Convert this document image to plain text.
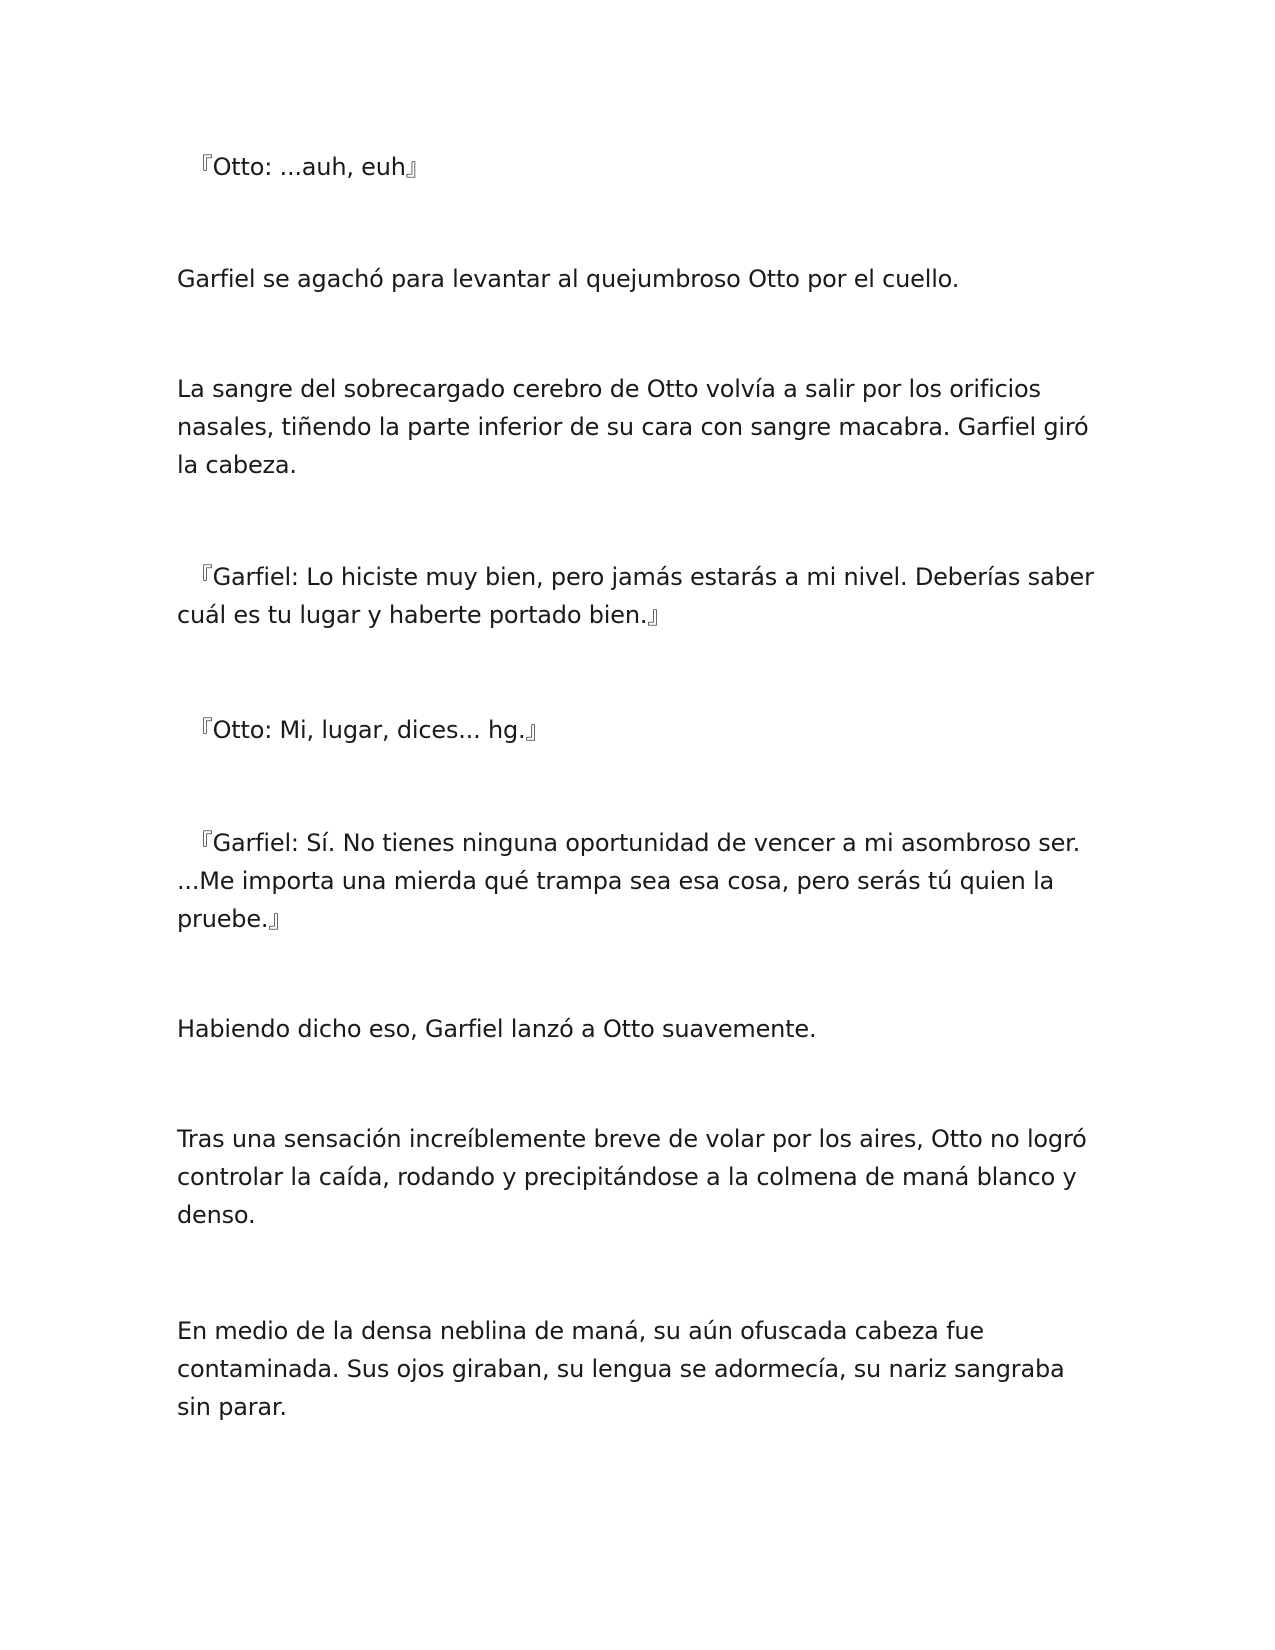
　『Otto: ...auh, euh』

Garfiel se agachó para levantar al quejumbroso Otto por el cuello.

La sangre del sobrecargado cerebro de Otto volvía a salir por los orificios nasales, tiñendo la parte inferior de su cara con sangre macabra. Garfiel giró la cabeza.

　『Garfiel: Lo hiciste muy bien, pero jamás estarás a mi nivel. Deberías saber cuál es tu lugar y haberte portado bien.』

　『Otto: Mi, lugar, dices... hg.』

　『Garfiel: Sí. No tienes ninguna oportunidad de vencer a mi asombroso ser. ...Me importa una mierda qué trampa sea esa cosa, pero serás tú quien la pruebe.』

Habiendo dicho eso, Garfiel lanzó a Otto suavemente.

Tras una sensación increíblemente breve de volar por los aires, Otto no logró controlar la caída, rodando y precipitándose a la colmena de maná blanco y denso.

En medio de la densa neblina de maná, su aún ofuscada cabeza fue contaminada. Sus ojos giraban, su lengua se adormecía, su nariz sangraba sin parar.
